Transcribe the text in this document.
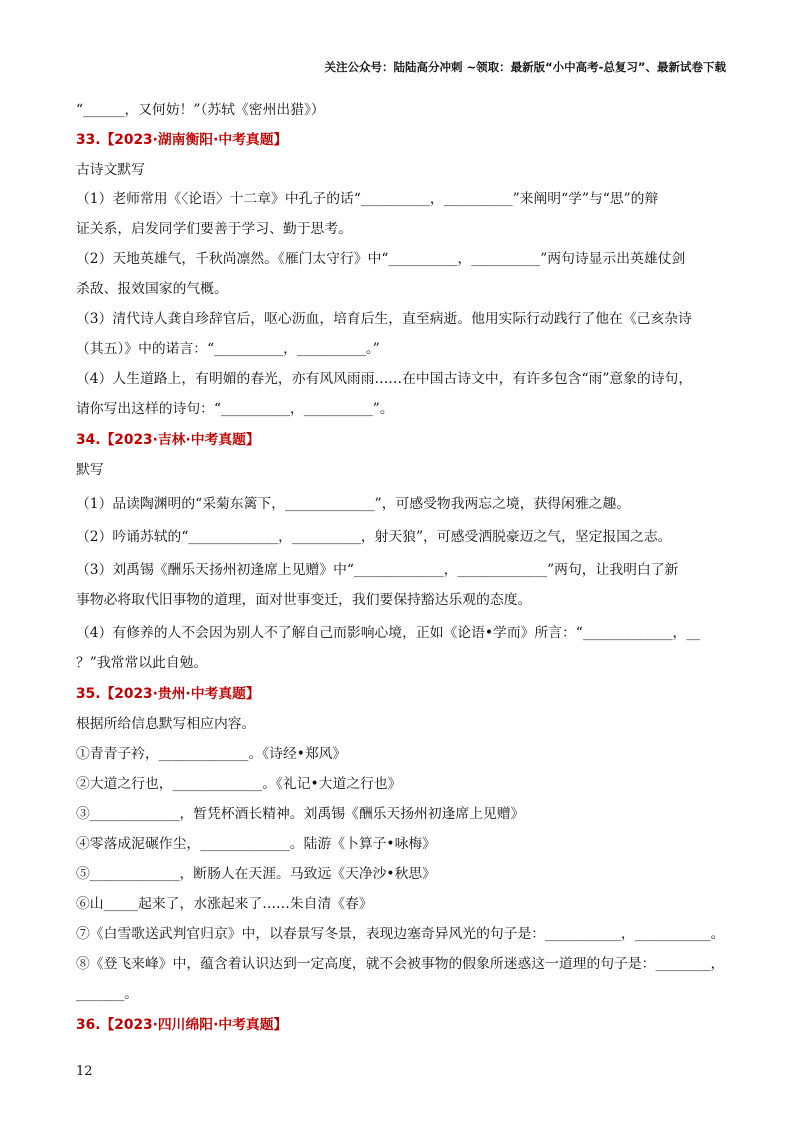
关注公众号：陆陆高分冲刺 ~领取：最新版“小中高考-总复习”、最新试卷下载
“______，又何妨！”（苏轼《密州出猎》）
33.【2023·湖南衡阳·中考真题】
古诗文默写
（1）老师常用《〈论语〉十二章》中孔子的话“__________，__________”来阐明“学”与“思”的辩
证关系，启发同学们要善于学习、勤于思考。
（2）天地英雄气，千秋尚凛然。《雁门太守行》中“__________，__________”两句诗显示出英雄仗剑
杀敌、报效国家的气概。
（3）清代诗人龚自珍辞官后，呕心沥血，培育后生，直至病逝。他用实际行动践行了他在《己亥杂诗
（其五）》中的诺言：“__________，__________。”
（4）人生道路上，有明媚的春光，亦有风风雨雨……在中国古诗文中，有许多包含“雨”意象的诗句，
请你写出这样的诗句：“__________，__________”。
34.【2023·吉林·中考真题】
默写
（1）品读陶渊明的“采菊东篱下，_____________”，可感受物我两忘之境，获得闲雅之趣。
（2）吟诵苏轼的“_____________，__________，射天狼”，可感受洒脱豪迈之气，坚定报国之志。
（3）刘禹锡《酬乐天扬州初逢席上见赠》中“_____________，_____________”两句，让我明白了新
事物必将取代旧事物的道理，面对世事变迁，我们要保持豁达乐观的态度。
（4）有修养的人不会因为别人不了解自己而影响心境，正如《论语•学而》所言：“_____________，__
？”我常常以此自勉。
35.【2023·贵州·中考真题】
根据所给信息默写相应内容。
①青青子衿，_____________。《诗经•郑风》
②大道之行也，_____________。《礼记•大道之行也》
③_____________，暂凭杯酒长精神。刘禹锡《酬乐天扬州初逢席上见赠》
④零落成泥碾作尘，_____________。陆游《卜算子•咏梅》
⑤_____________，断肠人在天涯。马致远《天净沙•秋思》
⑥山_____起来了，水涨起来了……朱自清《春》
⑦《白雪歌送武判官归京》中，以春景写冬景，表现边塞奇异风光的句子是：___________，___________。
⑧《登飞来峰》中，蕴含着认识达到一定高度，就不会被事物的假象所迷惑这一道理的句子是：________，
_______。
36.【2023·四川绵阳·中考真题】
12
